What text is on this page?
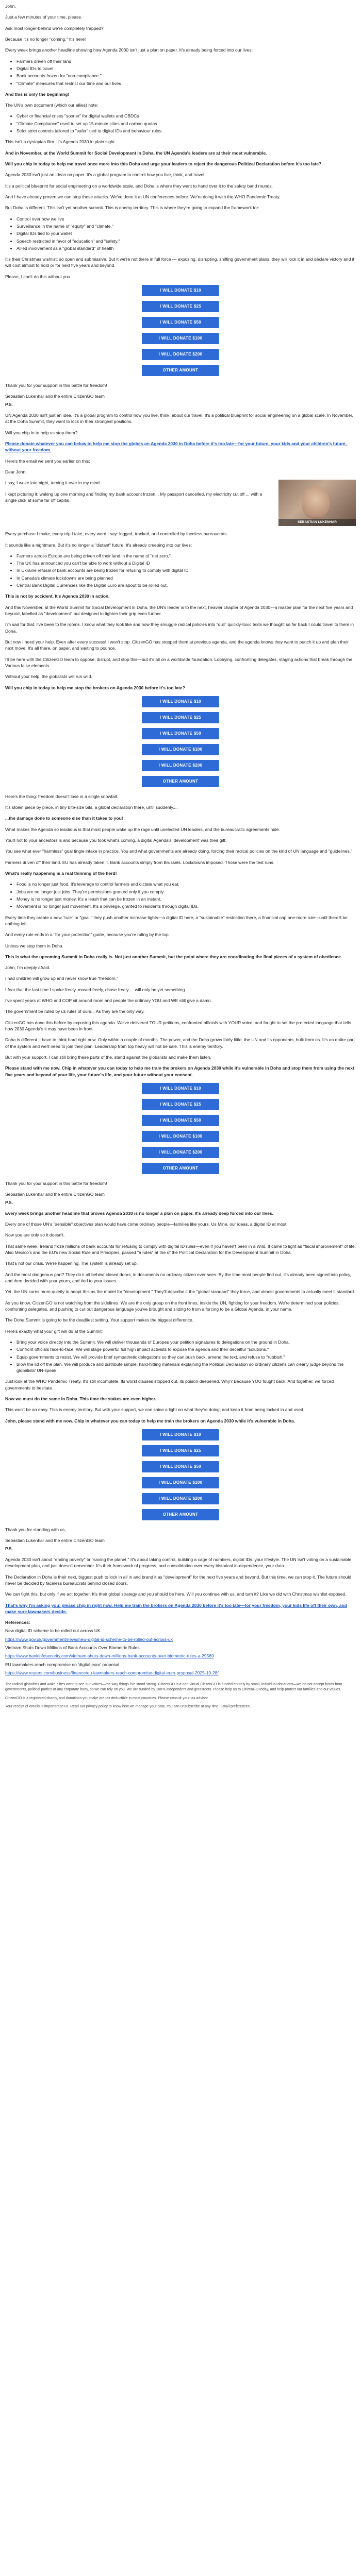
John,

Just a few minutes of your time, please.

Ask most longer-behind we're completely trapped?

Because it's no longer "coming." It's here!

Every week brings another headline showing how Agenda 2030 isn't just a plan on paper. It's already being forced into our lives:

• Farmers driven off their land
• Digital IDs to travel
• Bank accounts frozen for "non-compliance."
• "Climate" measures that restrict our time and our lives

And this is only the beginning!

The UN's own document (which our allies) note:

• Cyber or financial crises "sooner" for digital wallets and CBDCs
• "Climate Compliance" used to set up 15-minute cities and carbon quotas
• Strict strict controls tailored to "safer" tied to digital IDs and behaviour rules.

This isn't a dystopian film. It's Agenda 2030 in plain sight.

And in November, at the World Summit for Social Development in Doha, the UN Agenda's leaders are at their most vulnerable.

Will you chip in today to help me travel once more into this Doha and urge your leaders to reject the dangerous Political Declaration before it's too late?

Agenda 2030 isn't just an ideas on paper. It's a global program to control how you live, think, and travel.

It's a political blueprint for social engineering on a worldwide scale, and Doha is where they want to hand over it to the safety band rounds.

And I have already proven we can stop these attacks. We've done it at UN conferences before. We're doing it with the WHO Pandemic Treaty.

But Doha is different. This isn't yet another summit. This is enemy territory. This is where they're going to expand the framework for:

• Control over how we live
• Surveillance in the name of "equity" and "climate."
• Digital IDs tied to your wallet
• Speech restricted in favor of "education" and "safety."
• Allied involvement as a "global standard" of health

It's their Christmas wishlist: so open and submissive. But it we're not there in full force — exposing, disrupting, shifting government plans, they will lock it in and declare victory and it will cost almost to hold or for next five years and beyond.

Please, I can't do this without you.

I WILL DONATE $10
I WILL DONATE $25
I WILL DONATE $50
I WILL DONATE $100
I WILL DONATE $200
OTHER AMOUNT

Thank you for your support in this battle for freedom!

Sebastian Lukenhar and the entire CitizenGO team

P.S.

UN Agenda 2030 isn't just an idea. It's a global program to control how you live, think, about our travel. It's a political blueprint for social engineering on a global scale. In November, at the Doha Summit, they want to lock in their strongest positions.

Will you chip in to help us stop them?

Please donate whatever you can below to help me stop the globes on Agenda 2030 in Doha before it's too late—for your future, your kids and your children's future, without your freedom.

Here's the email we sent you earlier on this:

Dear John,

I say, I woke late night, turning it over in my mind.

I kept picturing it: waking up one morning and finding my bank account frozen... My passport cancelled, my electricity cut off ... with a single click at some far off capital.

SEBASTIAN LUKENHAR

Every purchase I make, every trip I take, every word I say: logged, tracked, and controlled by faceless bureaucrats.

It sounds like a nightmare. But it's no longer a "distant" future. It's already creeping into our lives:

• Farmers across Europe are being driven off their land in the name of "net zero."
• The UK has announced you can't be able to work without a Digital ID
• In Ukraine refusal of bank accounts are being frozen for refusing to comply with digital ID
• In Canada's climate lockdowns are being planned
• Central Bank Digital Currencies like the Digital Euro are about to be rolled out.

This is not by accident. It's Agenda 2030 in action.

And this November, at the World Summit for Social Development in Doha, the UN's leader is to the next, heavier chapter of Agenda 2030—a master plan for the next five years and beyond, labelled as "development" but designed to tighten their grip even further.

I'm sad for that. I've been to the rooms. I know what they look like and how they smuggle radical policies into "dull" quickly-toxic texts we thought so far back I could travel to them in Doha.

But now I need your help. Even after every success! I won't stop. CitizenGO has stopped them at previous agenda, and the agenda knows they want to punch it up and plan their next move. It's all there, on paper, and waiting to pounce.

I'll be here with the CitizenGO team to oppose, disrupt, and stop this—but it's all on a worldwide foundation. Lobbying, confronting delegates, staging actions that break through the Various false elements.

Without your help, the globalists will run wild.

Will you chip in today to help me stop the brokers on Agenda 2030 before it's too late?

I WILL DONATE $10
I WILL DONATE $25
I WILL DONATE $50
I WILL DONATE $100
I WILL DONATE $200
OTHER AMOUNT

Here's the thing: freedom doesn't lose in a single snowfall.

It's stolen piece by piece, in tiny bite-size bits, a global declaration there, until suddenly....

...the damage done to someone else than it takes to you!

What makes the Agenda so insidious is that most people wake up the rage until unelected UN leaders, and the bureaucratic agreements hide.

You'll not to your ancestors is and because you took what's coming, a digital Agenda's 'development' was their gift.

You see what ever "harmless" goal tingle intake in practice. You and what governments are already doing, forcing their radical policies on the kind of UN language and "guidelines."

Farmers driven off their land. EU has already taken it. Bank accounts simply from Brussels. Lockdowns imposed. Those were the test runs.

What's really happening is a real thinning of the herd!

• Food is no longer just food. It's leverage to control farmers and dictate what you eat.
• Jobs are no longer just jobs. They're permissions granted only if you comply.
• Money is no longer just money. It's a leash that can be frozen in an instant.
• Movement is no longer just movement. It's a privilege, granted to residents through digital IDs.

Every time they create a new "rule" or "goal," they push another increase-lights—a digital ID here, a "sustainable" restriction there, a financial cap one-more rule—until there'll be nothing left.

And every rule ends in a "for your protection" guide, because you're ruling by the top.

Unless we stop them in Doha.

This is what the upcoming Summit in Doha really is. Not just another Summit, but the point where they are coordinating the final pieces of a system of obedience.

John, I'm deeply afraid.

I had children will grow up and never know true "freedom."

I fear that the last time I spoke freely, moved freely, chose freely ... will only be yet something.

I've spent years at WHO and COP sit around room and people the ordinary YOU and WE still give a damn.

The government be ruled by us rules of ours... As they are the only way.

CitizenGO has done this before by exposing this agenda. We've delivered TOUR petitions, confronted officials with YOUR voice, and fought to set the protected language that tells how 2030 Agenda's it may have been in front:

Doha is different. I have to think hard right now. Only within a couple of months. The power, and the Doha grows fairly little, the UN and its opponents, bulk from us. It's an entire part of the system and we'll need to join their plan. Leadership from top heavy will not be sale. This is enemy territory.

But with your support, I can still bring these parts of the, stand against the globalists and make them listen.

Please stand with me now. Chip in whatever you can today to help me train the brokers on Agenda 2030 while it's vulnerable in Doha and stop them from using the next five years and beyond of your life, your future's life, and your future without your consent.

I WILL DONATE $10
I WILL DONATE $25
I WILL DONATE $50
I WILL DONATE $100
I WILL DONATE $200
OTHER AMOUNT

Thank you for your support in this battle for freedom!

Sebastian Lukenhar and the entire CitizenGO team

P.S.

Every week brings another headline that proves Agenda 2030 is no longer a plan on paper. It's already deep forced into our lives.

Every one of those UN's "sensible" objectives plan would have come ordinary people—families like yours. Us Mine, our ideas, a digital ID at most.

Now you are only so it doesn't.

That same week, Ireland froze millions of bank accounts for refusing to comply with digital ID rules—even if you haven't been in a Wild. It came to light as "fiscal improvement" of life. Also Mexico's and the EU's new Social Rule and Principles, passed "a rules" at the of the Political Declaration for the Development Summit in Doha.

That's not our crisis. We're happening. The system is already set up.

And the most dangerous part? They do it all behind closed doors, in documents no ordinary citizen ever sees. By the time most people find out, it's already been signed into policy, and then decided with your yourn, and tied to your issues.

Yet, the UN cares more quietly to adopt this as the model for "development." They'll describe it the "global standard" they force, and almost governments to actually meet it standard.

As you know, CitizenGO is not watching from the sidelines. We are the only group on the front lines, inside the UN, fighting for your freedom. We're determined your policies, confronting delegates, and pushing to cut out dangerous language you've brought and sliding to from a forcing to be a Global Agenda, in your name.

The Doha Summit is going to be the deadliest setting. Your support makes the biggest difference.

Here's exactly what your gift will do at the Summit:

• Bring your voice directly into the Summit. We will deliver thousands of Europes your petition signatures to delegations on the ground in Doha.
• Confront officials face-to-face. We will stage powerful full high impact activists to expose the agenda and their deceitful "solutions."
• Equip governments to resist. We will provide brief sympathetic delegations so they can push back, amend the text, and refuse to "rubbish."
• Blow the lid off the plan. We will produce and distribute simple, hard-hitting materials explaining the Political Declaration so ordinary citizens can clearly judge beyond the globalists' UN-speak.

Just look at the WHO Pandemic Treaty. It's still incomplete. Its worst clauses stopped out, its poison deepened. Why? Because YOU fought back. And together, we forced governments to hesitate.

Now we must do the same in Doha. This time the stakes are even higher.

This won't be an easy. This is enemy territory. But with your support, we can shine a light on what they're doing, and keep it from being locked in and used.

John, please stand with me now. Chip in whatever you can today to help me train the brokers on Agenda 2030 while it's vulnerable in Doha.

I WILL DONATE $10
I WILL DONATE $25
I WILL DONATE $50
I WILL DONATE $100
I WILL DONATE $200
OTHER AMOUNT

Thank you for standing with us,

Sebastian Lukenhar and the entire CitizenGO team

P.S.

Agenda 2030 isn't about "ending poverty" or "saving the planet." It's about taking control, building a cage of numbers, digital IDs, your lifestyle. The UN isn't voting on a sustainable development plan, and just doesn't remember. It's their framework of progress, and consolidation over every historical in-dependence, your data.

The Declaration in Doha is their next, biggest push to lock in all in and brand it as "development" for the next five years and beyond. But this time, we can stop it. The future should never be decided by faceless bureaucrats behind closed doors.

We can fight this, but only if we act together. It's their global strategy and you should be here. Will you continue with us, and turn it? Like we did with Christmas wishlist exposed.

That's why I'm asking you: please chip in right now. Help me train the brokers on Agenda 2030 before it's too late—for your freedom, your kids life off their own, and make sure lawmakers decide.

References:

New digital ID scheme to be rolled out across UK

https://www.gov.uk/government/news/new-digital-id-scheme-to-be-rolled-out-across-uk

Vietnam Shuts Down Millions of Bank Accounts Over Biometric Rules

https://www.bankinfosecurity.com/vietnam-shuts-down-millions-bank-accounts-over-biometric-rules-a-29569

EU lawmakers reach compromise on 'digital euro' proposal

https://www.reuters.com/business/finance/eu-lawmakers-reach-compromise-digital-euro-proposal-2025-10-28/

The radical globalists and woke elites want to see our values—the way things I've stood strong. CitizenGO is a non-virtual CitizenGO is funded entirely by small, individual donations—we do not accept funds from governments, political parties or any corporate body, so we can rely on you. We are funded by 100% independent and grassroots. Please help us to CitizenGO today, and help protect our families and our values.

CitizenGO is a registered charity, and donations you make are tax deductible in most countries. Please consult your tax advisor.

Your receipt of emails is important to us. Read our privacy policy to know how we manage your data. You can unsubscribe at any time. Email preferences.
